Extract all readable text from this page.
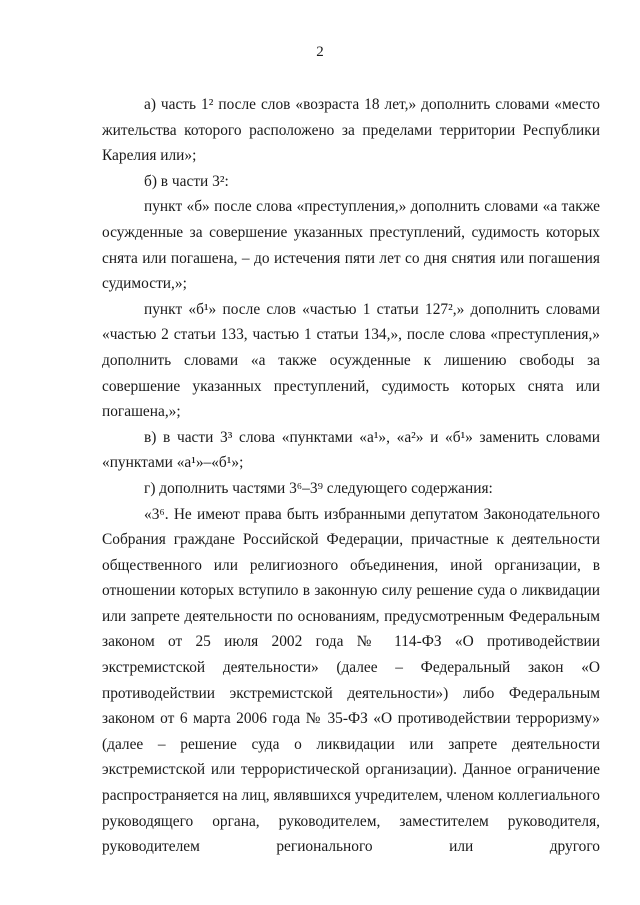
2

а) часть 1² после слов «возраста 18 лет,» дополнить словами «место жительства которого расположено за пределами территории Республики Карелия или»;

б) в части 3²:

пункт «б» после слова «преступления,» дополнить словами «а также осужденные за совершение указанных преступлений, судимость которых снята или погашена, – до истечения пяти лет со дня снятия или погашения судимости,»;

пункт «б¹» после слов «частью 1 статьи 127²,» дополнить словами «частью 2 статьи 133, частью 1 статьи 134,», после слова «преступления,» дополнить словами «а также осужденные к лишению свободы за совершение указанных преступлений, судимость которых снята или погашена,»;

в) в части 3³ слова «пунктами «а¹», «а²» и «б¹» заменить словами «пунктами «а¹»–«б¹»;

г) дополнить частями 3⁶–3⁹ следующего содержания:

«3⁶. Не имеют права быть избранными депутатом Законодательного Собрания граждане Российской Федерации, причастные к деятельности общественного или религиозного объединения, иной организации, в отношении которых вступило в законную силу решение суда о ликвидации или запрете деятельности по основаниям, предусмотренным Федеральным законом от 25 июля 2002 года № 114-ФЗ «О противодействии экстремистской деятельности» (далее – Федеральный закон «О противодействии экстремистской деятельности») либо Федеральным законом от 6 марта 2006 года № 35-ФЗ «О противодействии терроризму» (далее – решение суда о ликвидации или запрете деятельности экстремистской или террористической организации). Данное ограничение распространяется на лиц, являвшихся учредителем, членом коллегиального руководящего органа, руководителем, заместителем руководителя, руководителем регионального или другого
